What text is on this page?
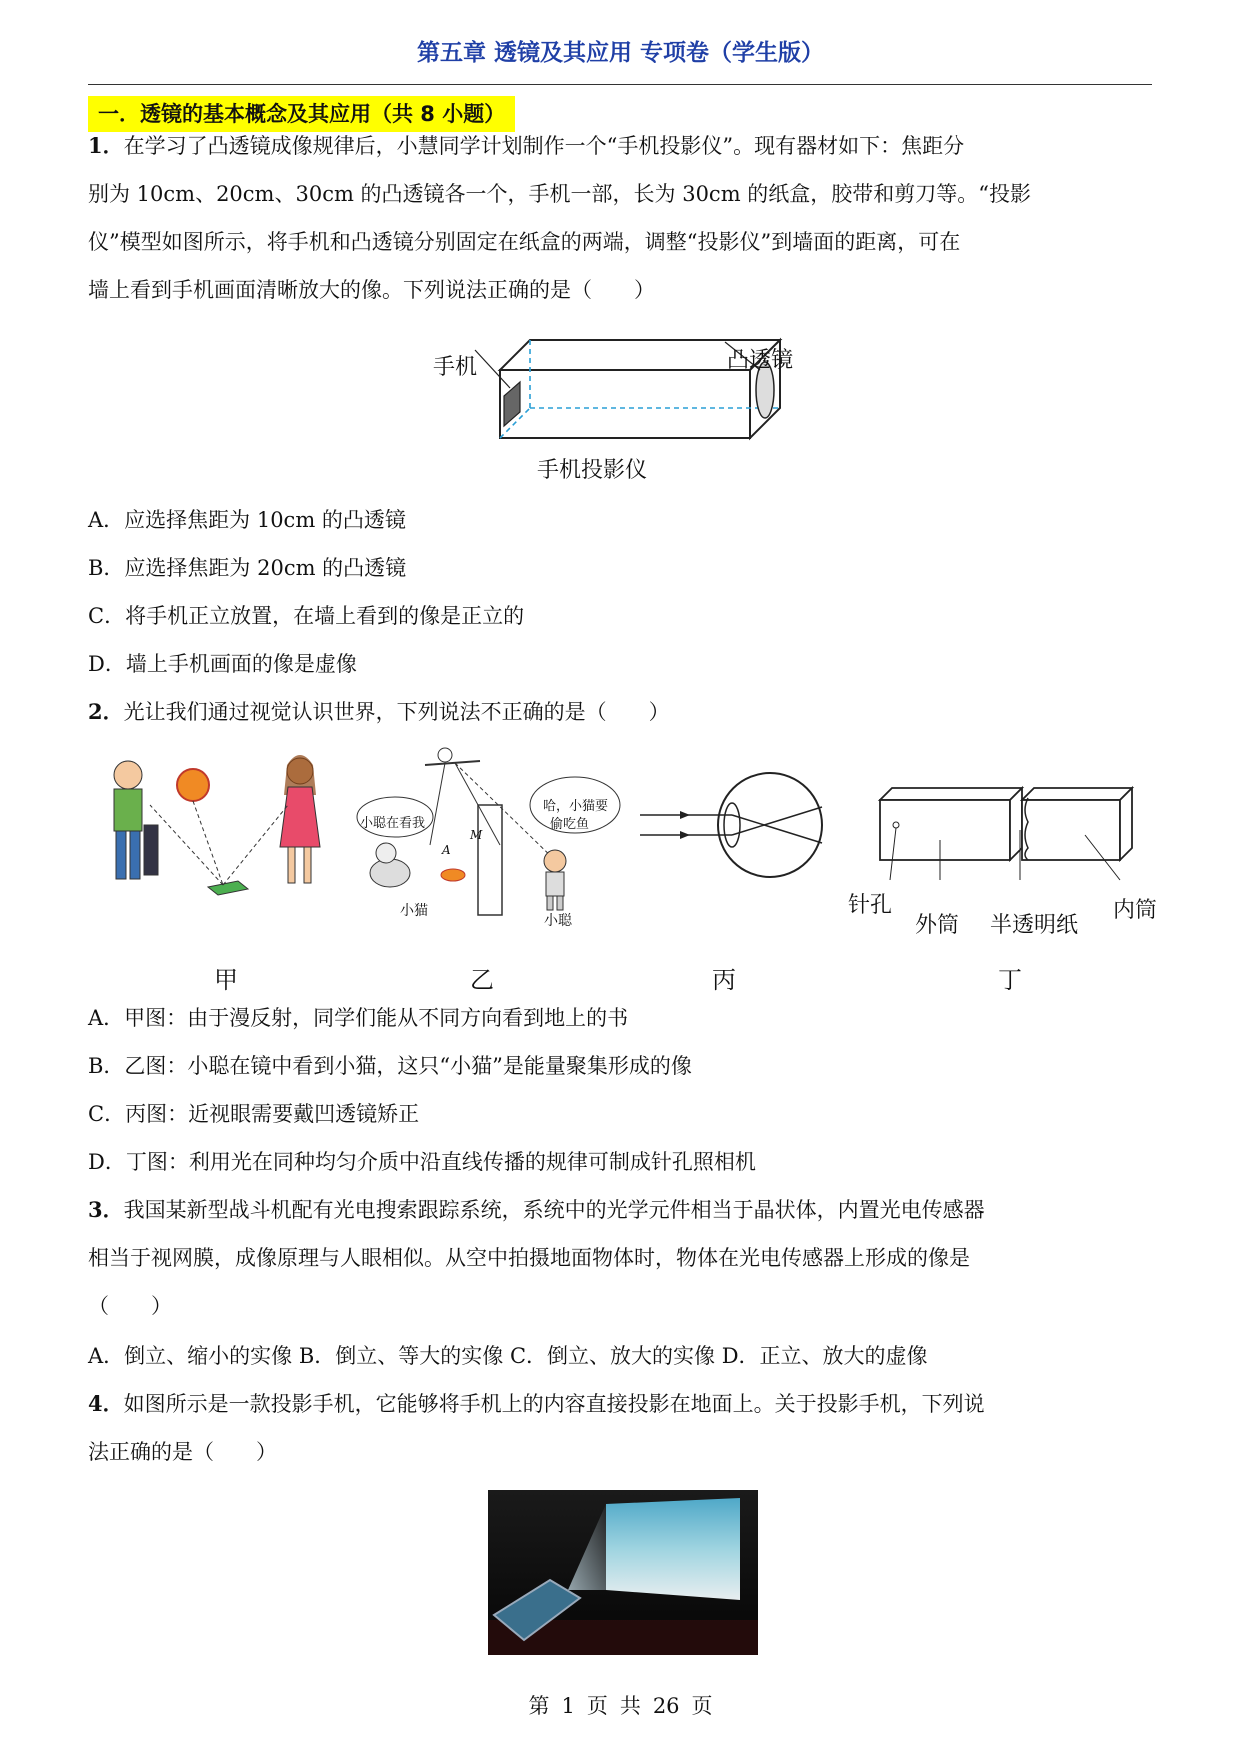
第五章 透镜及其应用 专项卷（学生版）
一．透镜的基本概念及其应用（共 8 小题）
1．在学习了凸透镜成像规律后，小慧同学计划制作一个“手机投影仪”。现有器材如下：焦距分
别为 10cm、20cm、30cm 的凸透镜各一个，手机一部，长为 30cm 的纸盒，胶带和剪刀等。“投影
仪”模型如图所示，将手机和凸透镜分别固定在纸盒的两端，调整“投影仪”到墙面的距离，可在
墙上看到手机画面清晰放大的像。下列说法正确的是（　　）
手机	凸透镜
手机投影仪
A．应选择焦距为 10cm 的凸透镜
B．应选择焦距为 20cm 的凸透镜
C．将手机正立放置，在墙上看到的像是正立的
D．墙上手机画面的像是虚像
2．光让我们通过视觉认识世界，下列说法不正确的是（　　）
小聪在看我
哈，小猫要
偷吃鱼
小猫
小聪
A
M
针孔
外筒 半透明纸
内筒
甲	乙	丙	丁
A．甲图：由于漫反射，同学们能从不同方向看到地上的书
B．乙图：小聪在镜中看到小猫，这只“小猫”是能量聚集形成的像
C．丙图：近视眼需要戴凹透镜矫正
D．丁图：利用光在同种均匀介质中沿直线传播的规律可制成针孔照相机
3．我国某新型战斗机配有光电搜索跟踪系统，系统中的光学元件相当于晶状体，内置光电传感器
相当于视网膜，成像原理与人眼相似。从空中拍摄地面物体时，物体在光电传感器上形成的像是
（　　）
A．倒立、缩小的实像 B．倒立、等大的实像 C．倒立、放大的实像 D．正立、放大的虚像
4．如图所示是一款投影手机，它能够将手机上的内容直接投影在地面上。关于投影手机，下列说
法正确的是（　　）
第 1 页 共 26 页
